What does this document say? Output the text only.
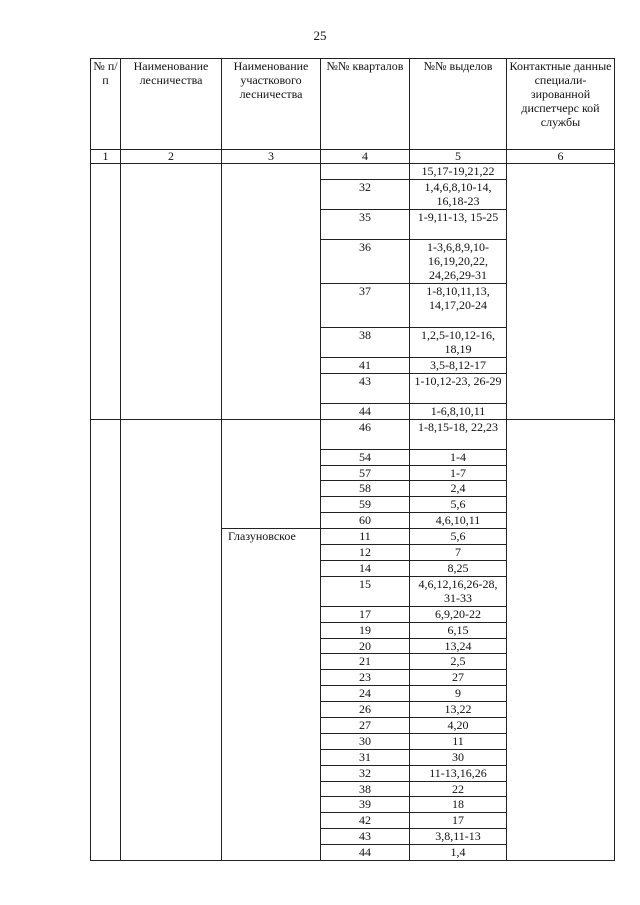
25
№ п/п	Наименование лесничества	Наименование участкового лесничества	№№ кварталов	№№ выделов	Контактные данные специали-зированной диспетчерс кой службы
1	2	3	4	5	6
				15,17-19,21,22	
			32	1,4,6,8,10-14, 16,18-23	
			35	1-9,11-13, 15-25	
			36	1-3,6,8,9,10-16,19,20,22, 24,26,29-31	
			37	1-8,10,11,13, 14,17,20-24	
			38	1,2,5-10,12-16, 18,19	
			41	3,5-8,12-17	
			43	1-10,12-23, 26-29	
			44	1-6,8,10,11	
			46	1-8,15-18, 22,23	
			54	1-4	
			57	1-7	
			58	2,4	
			59	5,6	
			60	4,6,10,11	
		Глазуновское	11	5,6	
			12	7	
			14	8,25	
			15	4,6,12,16,26-28, 31-33	
			17	6,9,20-22	
			19	6,15	
			20	13,24	
			21	2,5	
			23	27	
			24	9	
			26	13,22	
			27	4,20	
			30	11	
			31	30	
			32	11-13,16,26	
			38	22	
			39	18	
			42	17	
			43	3,8,11-13	
			44	1,4	
